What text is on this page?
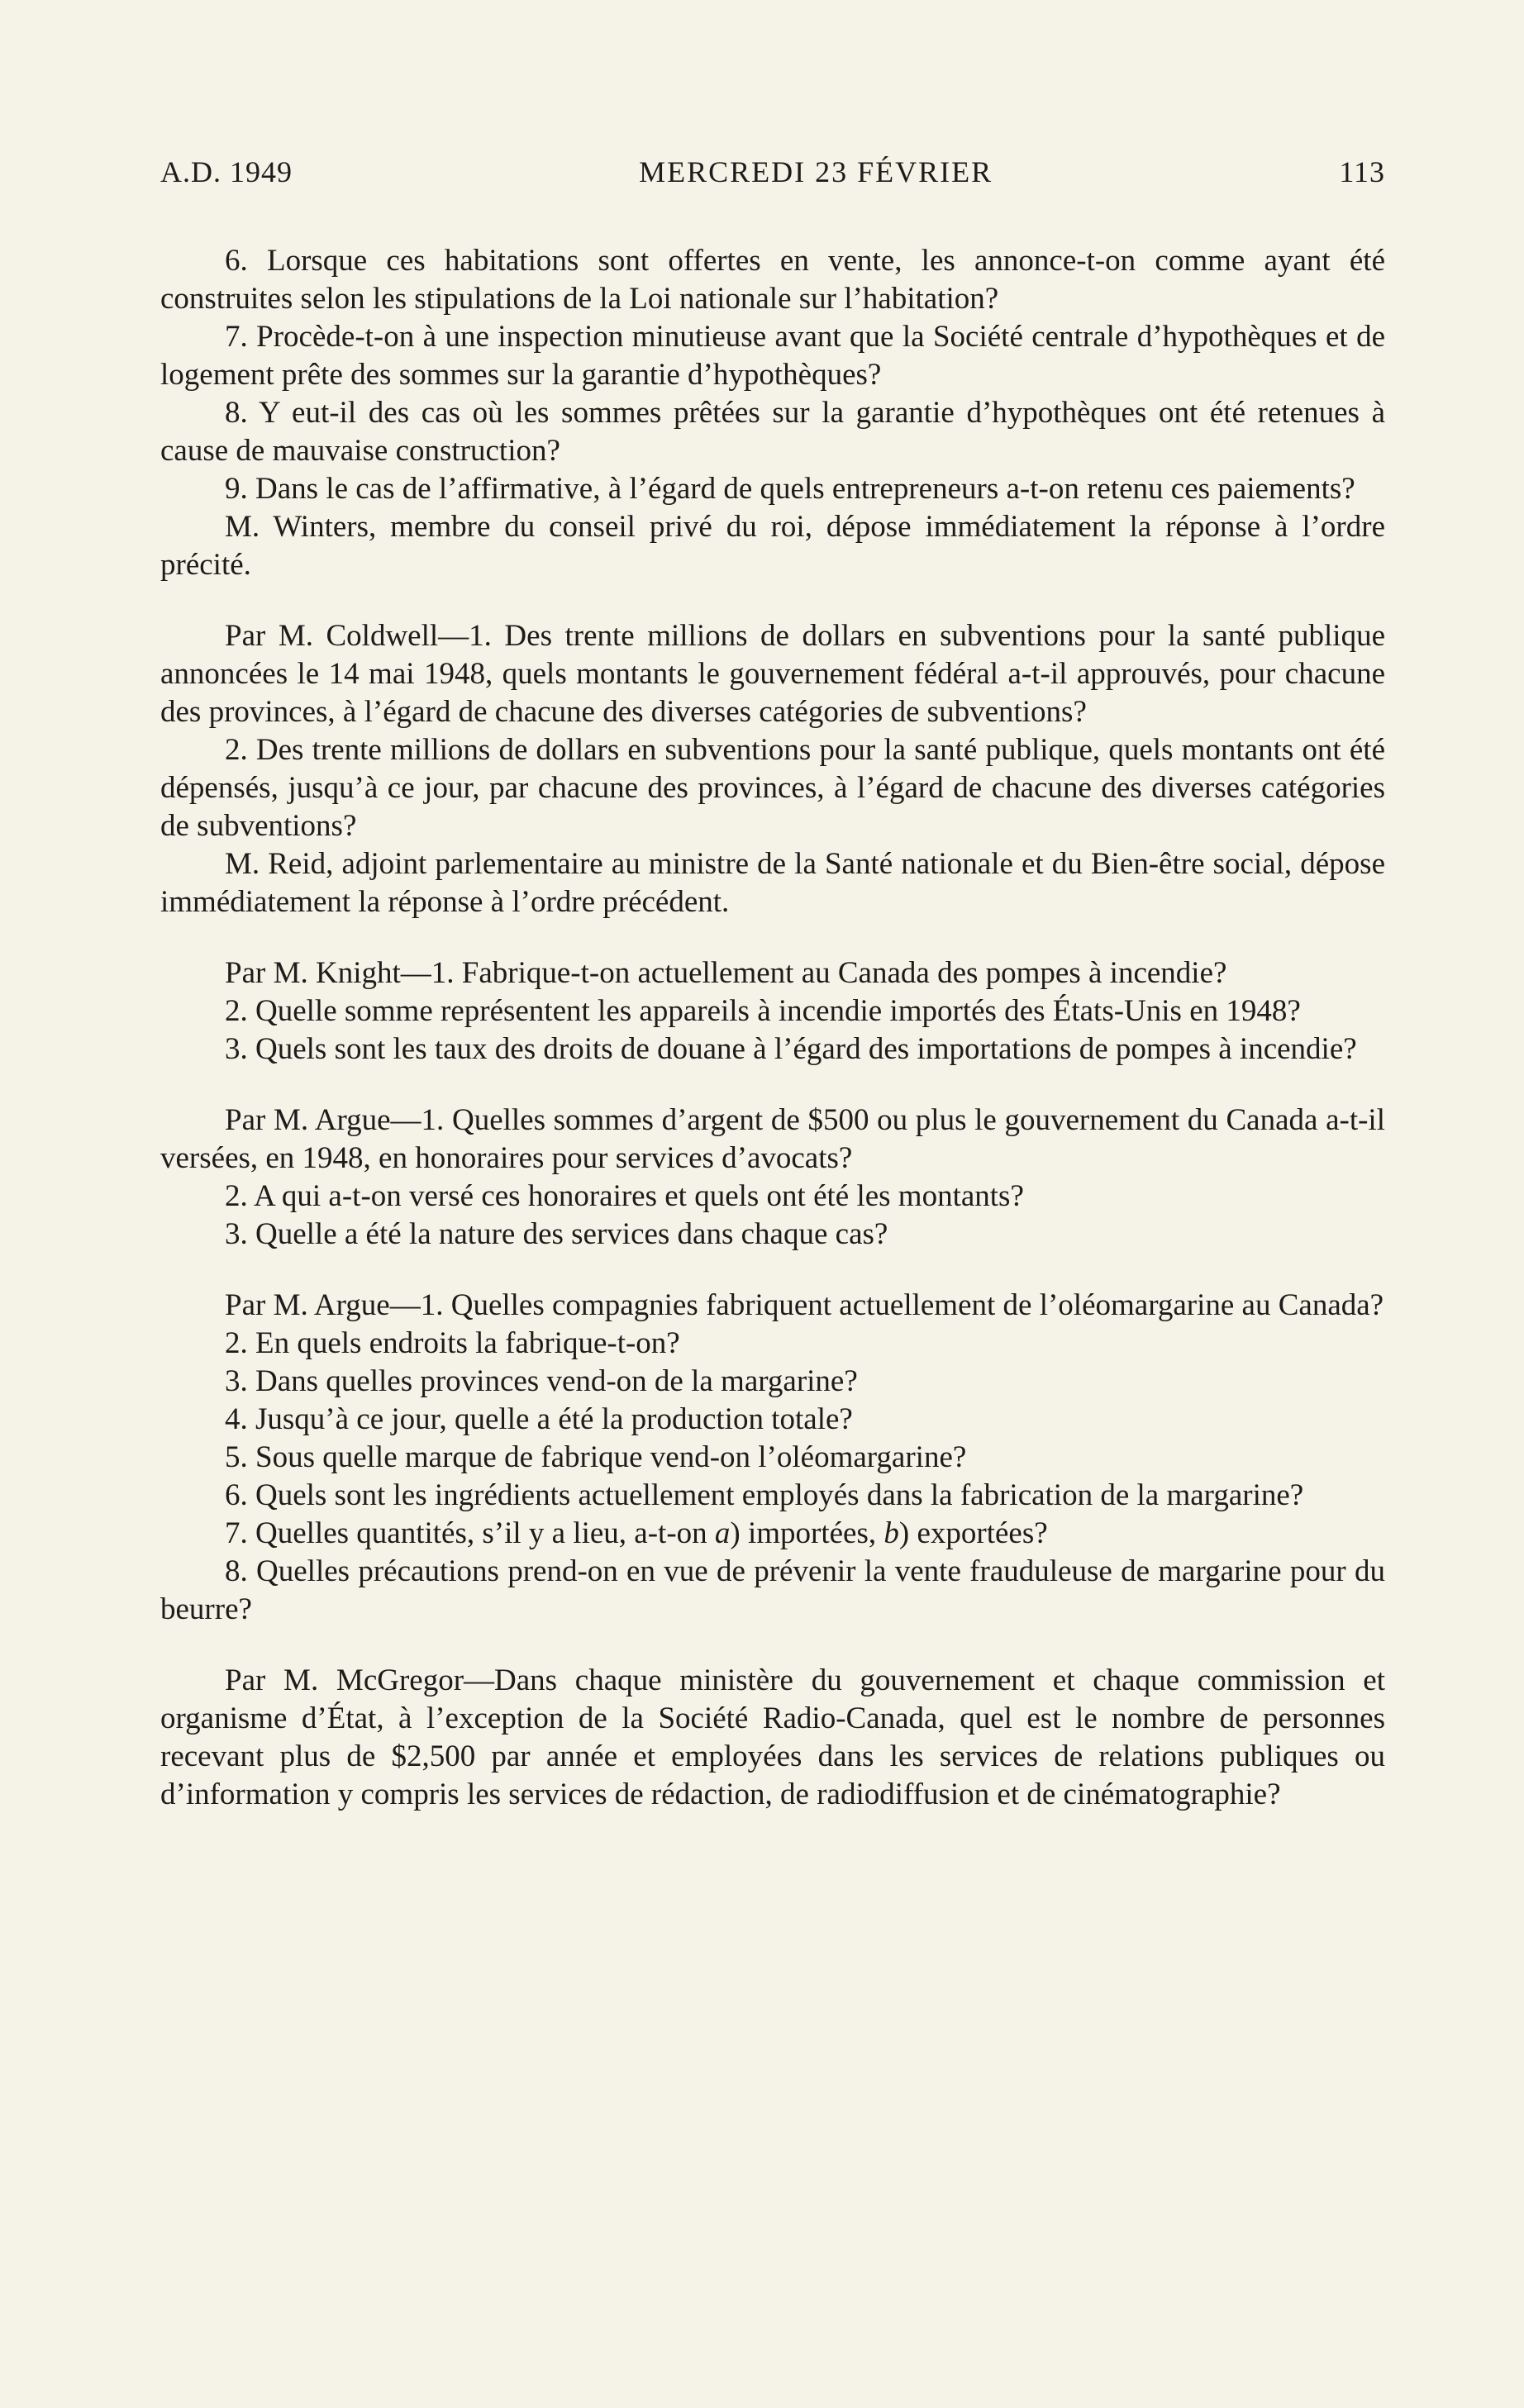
A.D. 1949	MERCREDI 23 FÉVRIER	113

6. Lorsque ces habitations sont offertes en vente, les annonce-t-on comme ayant été construites selon les stipulations de la Loi nationale sur l’habitation?

7. Procède-t-on à une inspection minutieuse avant que la Société centrale d’hypothèques et de logement prête des sommes sur la garantie d’hypothèques?

8. Y eut-il des cas où les sommes prêtées sur la garantie d’hypothèques ont été retenues à cause de mauvaise construction?

9. Dans le cas de l’affirmative, à l’égard de quels entrepreneurs a-t-on retenu ces paiements?

M. Winters, membre du conseil privé du roi, dépose immédiatement la réponse à l’ordre précité.

Par M. Coldwell—1. Des trente millions de dollars en subventions pour la santé publique annoncées le 14 mai 1948, quels montants le gouvernement fédéral a-t-il approuvés, pour chacune des provinces, à l’égard de chacune des diverses catégories de subventions?

2. Des trente millions de dollars en subventions pour la santé publique, quels montants ont été dépensés, jusqu’à ce jour, par chacune des provinces, à l’égard de chacune des diverses catégories de subventions?

M. Reid, adjoint parlementaire au ministre de la Santé nationale et du Bien-être social, dépose immédiatement la réponse à l’ordre précédent.

Par M. Knight—1. Fabrique-t-on actuellement au Canada des pompes à incendie?

2. Quelle somme représentent les appareils à incendie importés des États-Unis en 1948?

3. Quels sont les taux des droits de douane à l’égard des importations de pompes à incendie?

Par M. Argue—1. Quelles sommes d’argent de $500 ou plus le gouvernement du Canada a-t-il versées, en 1948, en honoraires pour services d’avocats?

2. A qui a-t-on versé ces honoraires et quels ont été les montants?

3. Quelle a été la nature des services dans chaque cas?

Par M. Argue—1. Quelles compagnies fabriquent actuellement de l’oléomargarine au Canada?

2. En quels endroits la fabrique-t-on?

3. Dans quelles provinces vend-on de la margarine?

4. Jusqu’à ce jour, quelle a été la production totale?

5. Sous quelle marque de fabrique vend-on l’oléomargarine?

6. Quels sont les ingrédients actuellement employés dans la fabrication de la margarine?

7. Quelles quantités, s’il y a lieu, a-t-on a) importées, b) exportées?

8. Quelles précautions prend-on en vue de prévenir la vente frauduleuse de margarine pour du beurre?

Par M. McGregor—Dans chaque ministère du gouvernement et chaque commission et organisme d’État, à l’exception de la Société Radio-Canada, quel est le nombre de personnes recevant plus de $2,500 par année et employées dans les services de relations publiques ou d’information y compris les services de rédaction, de radiodiffusion et de cinématographie?
